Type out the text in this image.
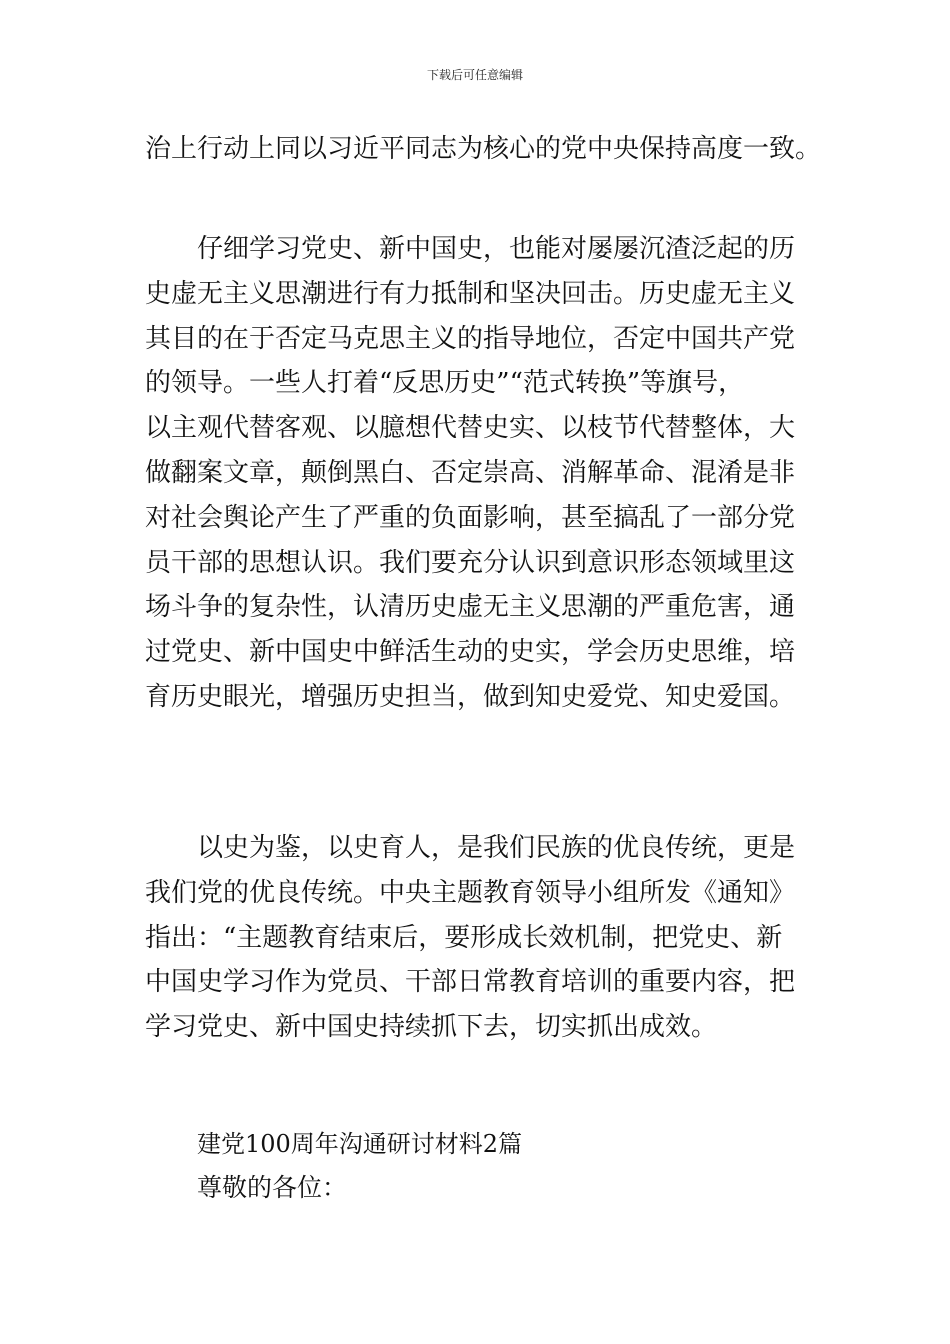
下载后可任意编辑
治上行动上同以习近平同志为核心的党中央保持高度一致。
　　仔细学习党史、新中国史，也能对屡屡沉渣泛起的历
史虚无主义思潮进行有力抵制和坚决回击。历史虚无主义
其目的在于否定马克思主义的指导地位，否定中国共产党
的领导。一些人打着“反思历史”“范式转换”等旗号，
以主观代替客观、以臆想代替史实、以枝节代替整体，大
做翻案文章，颠倒黑白、否定崇高、消解革命、混淆是非
对社会舆论产生了严重的负面影响，甚至搞乱了一部分党
员干部的思想认识。我们要充分认识到意识形态领域里这
场斗争的复杂性，认清历史虚无主义思潮的严重危害，通
过党史、新中国史中鲜活生动的史实，学会历史思维，培
育历史眼光，增强历史担当，做到知史爱党、知史爱国。
　　以史为鉴，以史育人，是我们民族的优良传统，更是
我们党的优良传统。中央主题教育领导小组所发《通知》
指出：“主题教育结束后，要形成长效机制，把党史、新
中国史学习作为党员、干部日常教育培训的重要内容，把
学习党史、新中国史持续抓下去，切实抓出成效。
建党100周年沟通研讨材料2篇

尊敬的各位：
